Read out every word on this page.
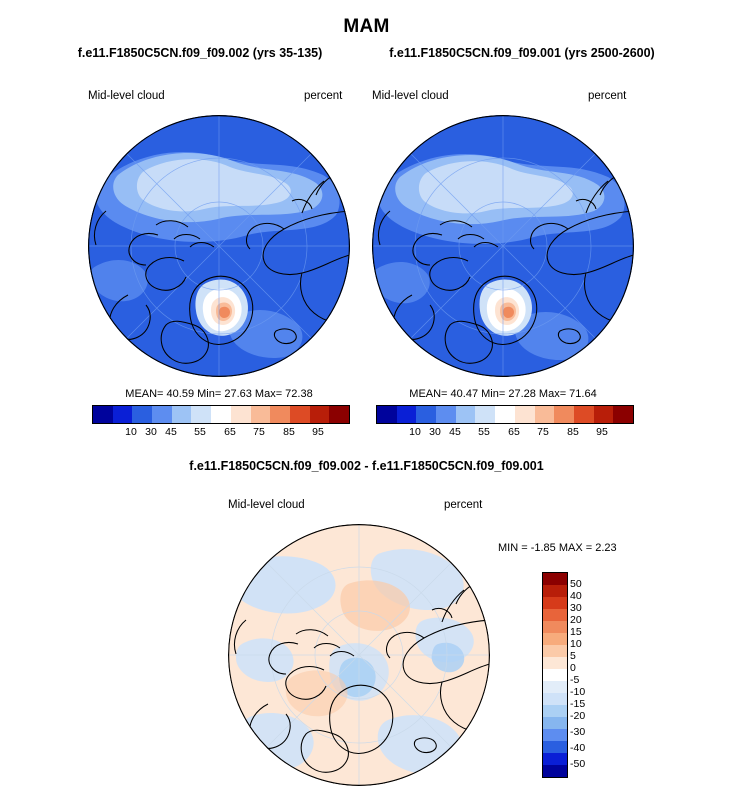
MAM
f.e11.F1850C5CN.f09_f09.002 (yrs 35-135)	f.e11.F1850C5CN.f09_f09.001 (yrs 2500-2600)
Mid-level cloud	percent
MEAN= 40.59 Min= 27.63 Max= 72.38
10 30 45 55 65 75 85 95
Mid-level cloud	percent
MEAN= 40.47 Min= 27.28 Max= 71.64
10 30 45 55 65 75 85 95
f.e11.F1850C5CN.f09_f09.002 - f.e11.F1850C5CN.f09_f09.001
Mid-level cloud	percent
MIN = -1.85 MAX = 2.23
50
40
30
20
15
10
5
0
-5
-10
-15
-20
-30
-40
-50
